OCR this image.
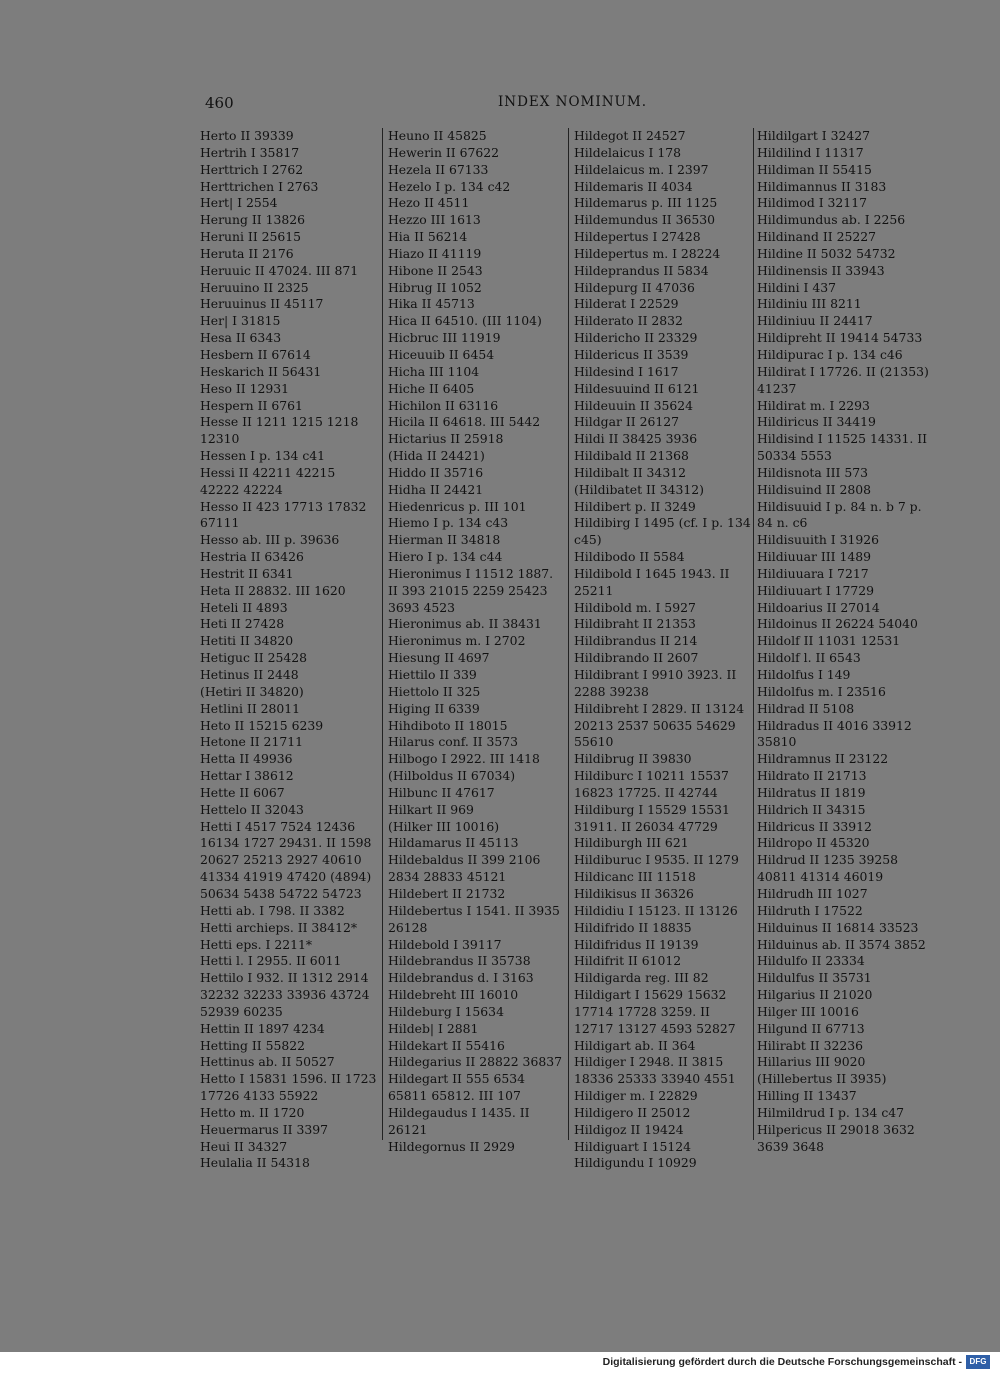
460	INDEX NOMINUM.
Herto II 39339
Hertrih I 35817
Herttrich I 2762
Herttrichen I 2763
Hert| I 2554
Herung II 13826
Heruni II 25615
Heruta II 2176
Heruuic II 47024. III 871
Heruuino II 2325
Heruuinus II 45117
Her| I 31815
Hesa II 6343
Hesbern II 67614
Heskarich II 56431
Heso II 12931
Hespern II 6761
Hesse II 1211 1215 1218 12310
Hessen I p. 134 c41
Hessi II 42211 42215 42222 42224
Hesso II 423 17713 17832 67111
Hesso ab. III p. 39636
Hestria II 63426
Hestrit II 6341
Heta II 28832. III 1620
Heteli II 4893
Heti II 27428
Hetiti II 34820
Hetiguc II 25428
Hetinus II 2448
(Hetiri II 34820)
Hetlini II 28011
Heto II 15215 6239
Hetone II 21711
Hetta II 49936
Hettar I 38612
Hette II 6067
Hettelo II 32043
Hetti I 4517 7524 12436 16134 1727 29431. II 1598 20627 25213 2927 40610 41334 41919 47420 (4894) 50634 5438 54722 54723
Hetti ab. I 798. II 3382
Hetti archieps. II 38412*
Hetti eps. I 2211*
Hetti l. I 2955. II 6011
Hettilo I 932. II 1312 2914 32232 32233 33936 43724 52939 60235
Hettin II 1897 4234
Hetting II 55822
Hettinus ab. II 50527
Hetto I 15831 1596. II 1723 17726 4133 55922
Hetto m. II 1720
Heuermarus II 3397
Heui II 34327
Heulalia II 54318
Heuno II 45825
Hewerin II 67622
Hezela II 67133
Hezelo I p. 134 c42
Hezo II 4511
Hezzo III 1613
Hia II 56214
Hiazo II 41119
Hibone II 2543
Hibrug II 1052
Hika II 45713
Hica II 64510. (III 1104)
Hicbruc III 11919
Hiceuuib II 6454
Hicha III 1104
Hiche II 6405
Hichilon II 63116
Hicila II 64618. III 5442
Hictarius II 25918
(Hida II 24421)
Hiddo II 35716
Hidha II 24421
Hiedenricus p. III 101
Hiemo I p. 134 c43
Hierman II 34818
Hiero I p. 134 c44
Hieronimus I 11512 1887. II 393 21015 2259 25423 3693 4523
Hieronimus ab. II 38431
Hieronimus m. I 2702
Hiesung II 4697
Hiettilo II 339
Hiettolo II 325
Higing II 6339
Hihdiboto II 18015
Hilarus conf. II 3573
Hilbogo I 2922. III 1418
(Hilboldus II 67034)
Hilbunc II 47617
Hilkart II 969
(Hilker III 10016)
Hildamarus II 45113
Hildebaldus II 399 2106 2834 28833 45121
Hildebert II 21732
Hildebertus I 1541. II 3935 26128
Hildebold I 39117
Hildebrandus II 35738
Hildebrandus d. I 3163
Hildebreht III 16010
Hildeburg I 15634
Hildeb| I 2881
Hildekart II 55416
Hildegarius II 28822 36837
Hildegart II 555 6534 65811 65812. III 107
Hildegaudus I 1435. II 26121
Hildegornus II 2929
Hildegot II 24527
Hildelaicus I 178
Hildelaicus m. I 2397
Hildemaris II 4034
Hildemarus p. III 1125
Hildemundus II 36530
Hildepertus I 27428
Hildepertus m. I 28224
Hildeprandus II 5834
Hildepurg II 47036
Hilderat I 22529
Hilderato II 2832
Hildericho II 23329
Hildericus II 3539
Hildesind I 1617
Hildesuuind II 6121
Hildeuuin II 35624
Hildgar II 26127
Hildi II 38425 3936
Hildibald II 21368
Hildibalt II 34312
(Hildibatet II 34312)
Hildibert p. II 3249
Hildibirg I 1495 (cf. I p. 134 c45)
Hildibodo II 5584
Hildibold I 1645 1943. II 25211
Hildibold m. I 5927
Hildibraht II 21353
Hildibrandus II 214
Hildibrando II 2607
Hildibrant I 9910 3923. II 2288 39238
Hildibreht I 2829. II 13124 20213 2537 50635 54629 55610
Hildibrug II 39830
Hildiburc I 10211 15537 16823 17725. II 42744
Hildiburg I 15529 15531 31911. II 26034 47729
Hildiburgh III 621
Hildiburuc I 9535. II 1279
Hildicanc III 11518
Hildikisus II 36326
Hildidiu I 15123. II 13126
Hildifrido II 18835
Hildifridus II 19139
Hildifrit II 61012
Hildigarda reg. III 82
Hildigart I 15629 15632 17714 17728 3259. II 12717 13127 4593 52827
Hildigart ab. II 364
Hildiger I 2948. II 3815 18336 25333 33940 4551
Hildiger m. I 22829
Hildigero II 25012
Hildigoz II 19424
Hildiguart I 15124
Hildigundu I 10929
Hildilgart I 32427
Hildilind I 11317
Hildiman II 55415
Hildimannus II 3183
Hildimod I 32117
Hildimundus ab. I 2256
Hildinand II 25227
Hildine II 5032 54732
Hildinensis II 33943
Hildini I 437
Hildiniu III 8211
Hildiniuu II 24417
Hildipreht II 19414 54733
Hildipurac I p. 134 c46
Hildirat I 17726. II (21353) 41237
Hildirat m. I 2293
Hildiricus II 34419
Hildisind I 11525 14331. II 50334 5553
Hildisnota III 573
Hildisuind II 2808
Hildisuuid I p. 84 n. b 7 p. 84 n. c6
Hildisuuith I 31926
Hildiuuar III 1489
Hildiuuara I 7217
Hildiuuart I 17729
Hildoarius II 27014
Hildoinus II 26224 54040
Hildolf II 11031 12531
Hildolf l. II 6543
Hildolfus I 149
Hildolfus m. I 23516
Hildrad II 5108
Hildradus II 4016 33912 35810
Hildramnus II 23122
Hildrato II 21713
Hildratus II 1819
Hildrich II 34315
Hildricus II 33912
Hildropo II 45320
Hildrud II 1235 39258 40811 41314 46019
Hildrudh III 1027
Hildruth I 17522
Hilduinus II 16814 33523
Hilduinus ab. II 3574 3852
Hildulfo II 23334
Hildulfus II 35731
Hilgarius II 21020
Hilger III 10016
Hilgund II 67713
Hilirabt II 32236
Hillarius III 9020
(Hillebertus II 3935)
Hilling II 13437
Hilmildrud I p. 134 c47
Hilpericus II 29018 3632 3639 3648
Digitalisierung gefördert durch die Deutsche Forschungsgemeinschaft - DFG
